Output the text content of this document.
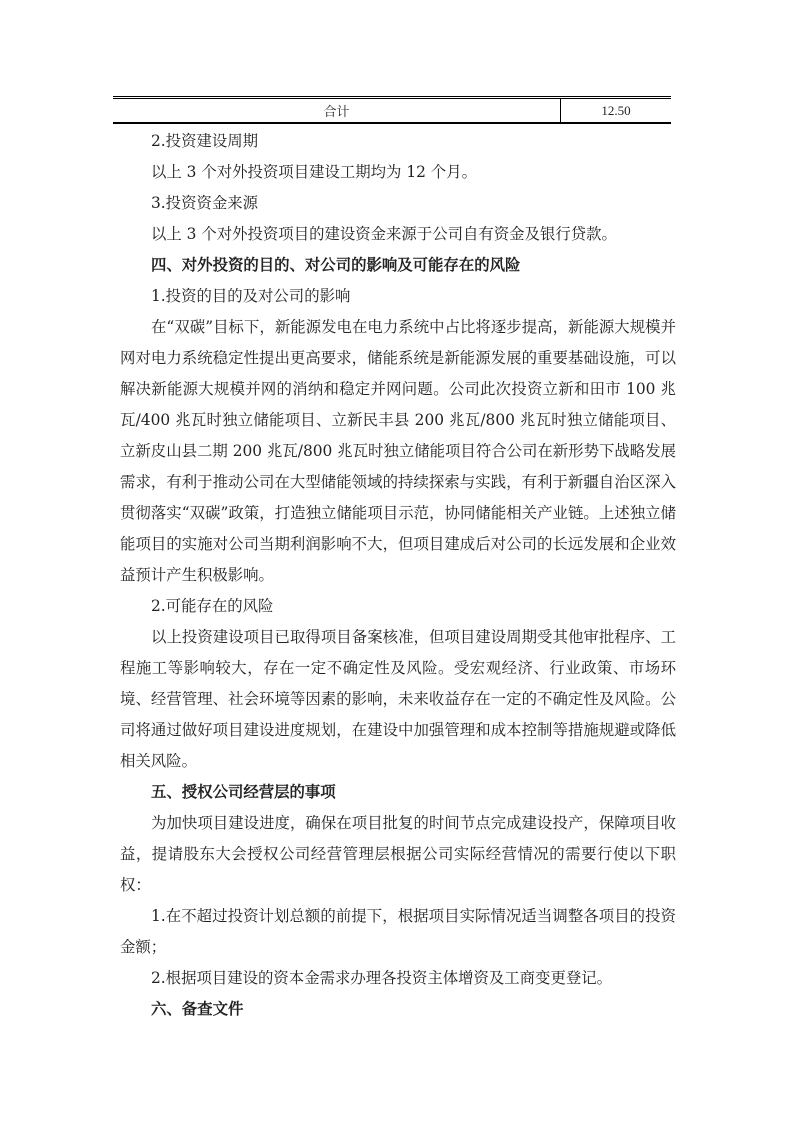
合计	12.50

2.投资建设周期

以上 3 个对外投资项目建设工期均为 12 个月。

3.投资资金来源

以上 3 个对外投资项目的建设资金来源于公司自有资金及银行贷款。

四、对外投资的目的、对公司的影响及可能存在的风险

1.投资的目的及对公司的影响

在“双碳”目标下，新能源发电在电力系统中占比将逐步提高，新能源大规模并网对电力系统稳定性提出更高要求，储能系统是新能源发展的重要基础设施，可以解决新能源大规模并网的消纳和稳定并网问题。公司此次投资立新和田市 100 兆瓦/400 兆瓦时独立储能项目、立新民丰县 200 兆瓦/800 兆瓦时独立储能项目、立新皮山县二期 200 兆瓦/800 兆瓦时独立储能项目符合公司在新形势下战略发展需求，有利于推动公司在大型储能领域的持续探索与实践，有利于新疆自治区深入贯彻落实“双碳”政策，打造独立储能项目示范，协同储能相关产业链。上述独立储能项目的实施对公司当期利润影响不大，但项目建成后对公司的长远发展和企业效益预计产生积极影响。

2.可能存在的风险

以上投资建设项目已取得项目备案核准，但项目建设周期受其他审批程序、工程施工等影响较大，存在一定不确定性及风险。受宏观经济、行业政策、市场环境、经营管理、社会环境等因素的影响，未来收益存在一定的不确定性及风险。公司将通过做好项目建设进度规划，在建设中加强管理和成本控制等措施规避或降低相关风险。

五、授权公司经营层的事项

为加快项目建设进度，确保在项目批复的时间节点完成建设投产，保障项目收益，提请股东大会授权公司经营管理层根据公司实际经营情况的需要行使以下职权：

1.在不超过投资计划总额的前提下，根据项目实际情况适当调整各项目的投资金额；

2.根据项目建设的资本金需求办理各投资主体增资及工商变更登记。

六、备查文件
